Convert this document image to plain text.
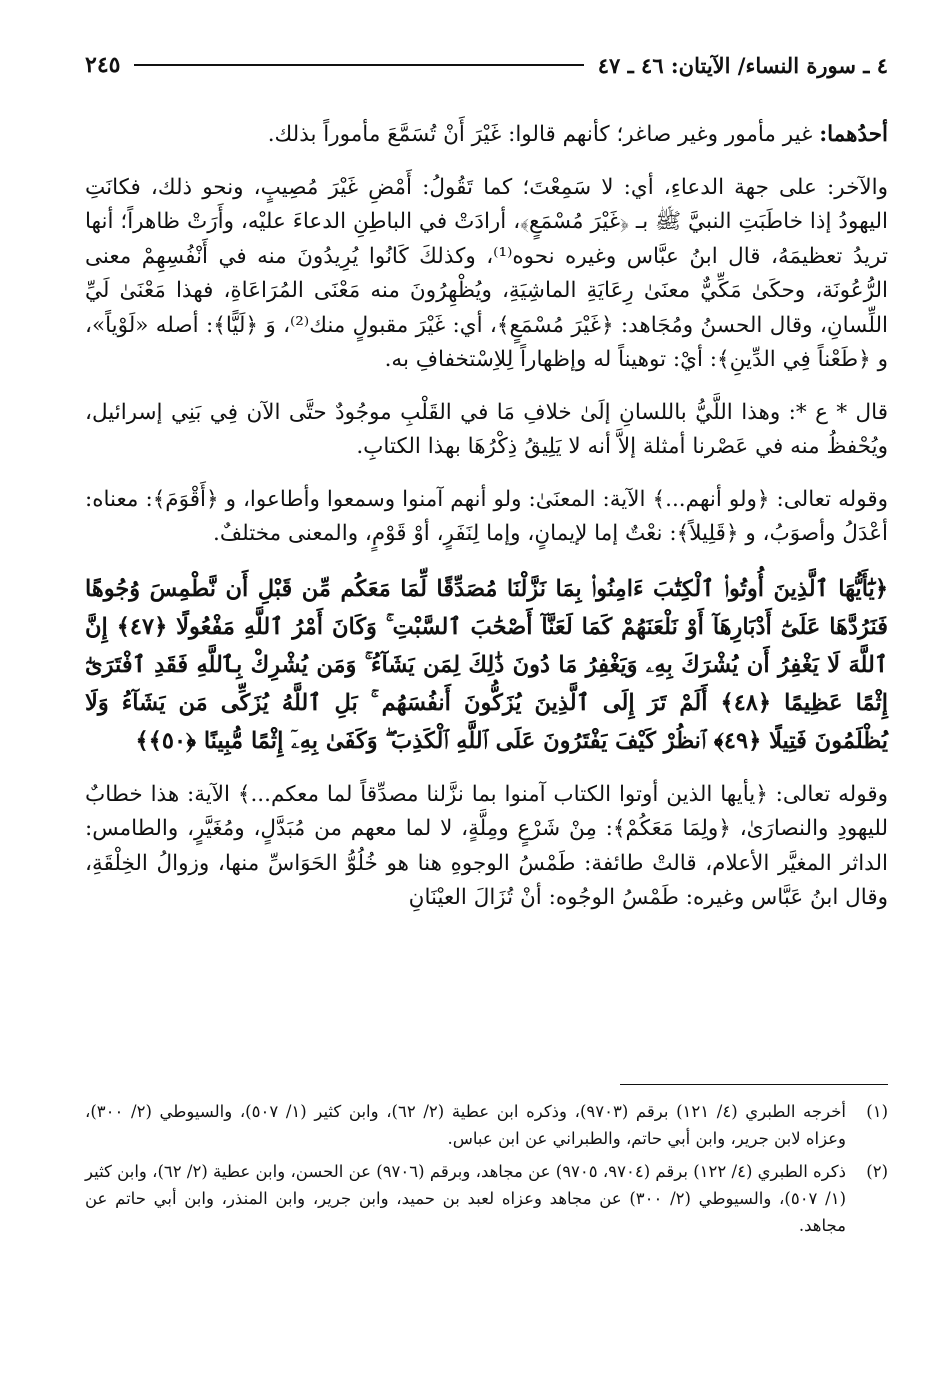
٤ ـ سورة النساء/ الآيتان: ٤٦ ـ ٤٧
٢٤٥

أحدُهما: غير مأمور وغير صاغر؛ كأنهم قالوا: غَيْرَ أَنْ تُسَمَّعَ مأموراً بذلك.

والآخر: على جهة الدعاءِ، أي: لا سَمِعْتَ؛ كما تَقُولُ: أَمْضِ غَيْرَ مُصِيبٍ، ونحو ذلك، فكانَتِ اليهودُ إذا خاطَبَتِ النبيَّ ﷺ بـ ﴿غَيْرَ مُسْمَعٍ﴾، أرادَتْ في الباطِنِ الدعاءَ عليْه، وأَرَتْ ظاهراً؛ أنها تريدُ تعظيمَهُ، قال ابنُ عبَّاس وغيره نحوه⁽¹⁾، وكذلكَ كَانُوا يُرِيدُونَ منه في أَنْفُسِهِمْ معنى الرُّعُونَة، وحكَىٰ مَكِّيٌّ معنَىٰ رِعَايَةِ الماشِيَةِ، ويُظْهِرُونَ منه مَعْنَى المُرَاعَاةِ، فهذا مَعْنَىٰ لَيِّ اللِّسانِ، وقال الحسنُ ومُجَاهد: ﴿غَيْرَ مُسْمَعٍ﴾، أي: غَيْرَ مقبولٍ منك⁽²⁾، وَ ﴿لَيًّا﴾: أصله «لَوْياً»، و ﴿طَعْناً فِي الدِّينِ﴾: أيْ: توهيناً له وإظهاراً لِلاِسْتخفافِ به.

قال * ع *: وهذا اللَّيُّ باللسانِ إلَىٰ خلافِ مَا في القَلْبِ موجُودٌ حتَّى الآن فِي بَنِي إسرائيل، ويُحْفظُ منه في عَصْرنا أمثلة إلاَّ أنه لا يَلِيقُ ذِكْرُهَا بهذا الكتابِ.

وقوله تعالى: ﴿ولو أنهم...﴾ الآية: المعنَىٰ: ولو أنهم آمنوا وسمعوا وأطاعوا، و ﴿أَقْوَمَ﴾: معناه: أعْدَلُ وأصوَبُ، و ﴿قَلِيلاً﴾: نعْتٌ إما لإيمانٍ، وإما لِنَفَرٍ، أوْ قَوْمٍ، والمعنى مختلفٌ.

﴿يَٰٓأَيُّهَا ٱلَّذِينَ أُوتُوا۟ ٱلْكِتَٰبَ ءَامِنُوا۟ بِمَا نَزَّلْنَا مُصَدِّقًا لِّمَا مَعَكُم مِّن قَبْلِ أَن نَّطْمِسَ وُجُوهًا فَنَرُدَّهَا عَلَىٰٓ أَدْبَارِهَآ أَوْ نَلْعَنَهُمْ كَمَا لَعَنَّآ أَصْحَٰبَ ٱلسَّبْتِ ۚ وَكَانَ أَمْرُ ٱللَّهِ مَفْعُولًا ﴿٤٧﴾ إِنَّ ٱللَّهَ لَا يَغْفِرُ أَن يُشْرَكَ بِهِۦ وَيَغْفِرُ مَا دُونَ ذَٰلِكَ لِمَن يَشَآءُ ۚ وَمَن يُشْرِكْ بِٱللَّهِ فَقَدِ ٱفْتَرَىٰٓ إِثْمًا عَظِيمًا ﴿٤٨﴾ أَلَمْ تَرَ إِلَى ٱلَّذِينَ يُزَكُّونَ أَنفُسَهُم ۚ بَلِ ٱللَّهُ يُزَكِّى مَن يَشَآءُ وَلَا يُظْلَمُونَ فَتِيلًا ﴿٤٩﴾ ٱنظُرْ كَيْفَ يَفْتَرُونَ عَلَى ٱللَّهِ ٱلْكَذِبَ ۖ وَكَفَىٰ بِهِۦٓ إِثْمًا مُّبِينًا ﴿٥٠﴾﴾

وقوله تعالى: ﴿يأيها الذين أوتوا الكتاب آمنوا بما نزَّلنا مصدِّقاً لما معكم...﴾ الآية: هذا خطابٌ لليهودِ والنصارَىٰ، ﴿ولِمَا مَعَكُمْ﴾: مِنْ شَرْعٍ ومِلَّةٍ، لا لما معهم من مُبَدَّلٍ، ومُغَيَّرٍ، والطامس: الداثر المغيَّر الأعلام، قالتْ طائفة: طَمْسُ الوجوهِ هنا هو خُلُوُّ الحَوَاسِّ منها، وزوالُ الخِلْقَةِ، وقال ابنُ عَبَّاس وغيره: طَمْسُ الوجُوه: أنْ تُزَالَ العيْنَانِ

(١)
أخرجه الطبري (٤/ ١٢١) برقم (٩٧٠٣)، وذكره ابن عطية (٢/ ٦٢)، وابن كثير (١/ ٥٠٧)، والسيوطي (٢/ ٣٠٠)، وعزاه لابن جرير، وابن أبي حاتم، والطبراني عن ابن عباس.
(٢)
ذكره الطبري (٤/ ١٢٢) برقم (٩٧٠٤، ٩٧٠٥) عن مجاهد، وبرقم (٩٧٠٦) عن الحسن، وابن عطية (٢/ ٦٢)، وابن كثير (١/ ٥٠٧)، والسيوطي (٢/ ٣٠٠) عن مجاهد وعزاه لعبد بن حميد، وابن جرير، وابن المنذر، وابن أبي حاتم عن مجاهد.
